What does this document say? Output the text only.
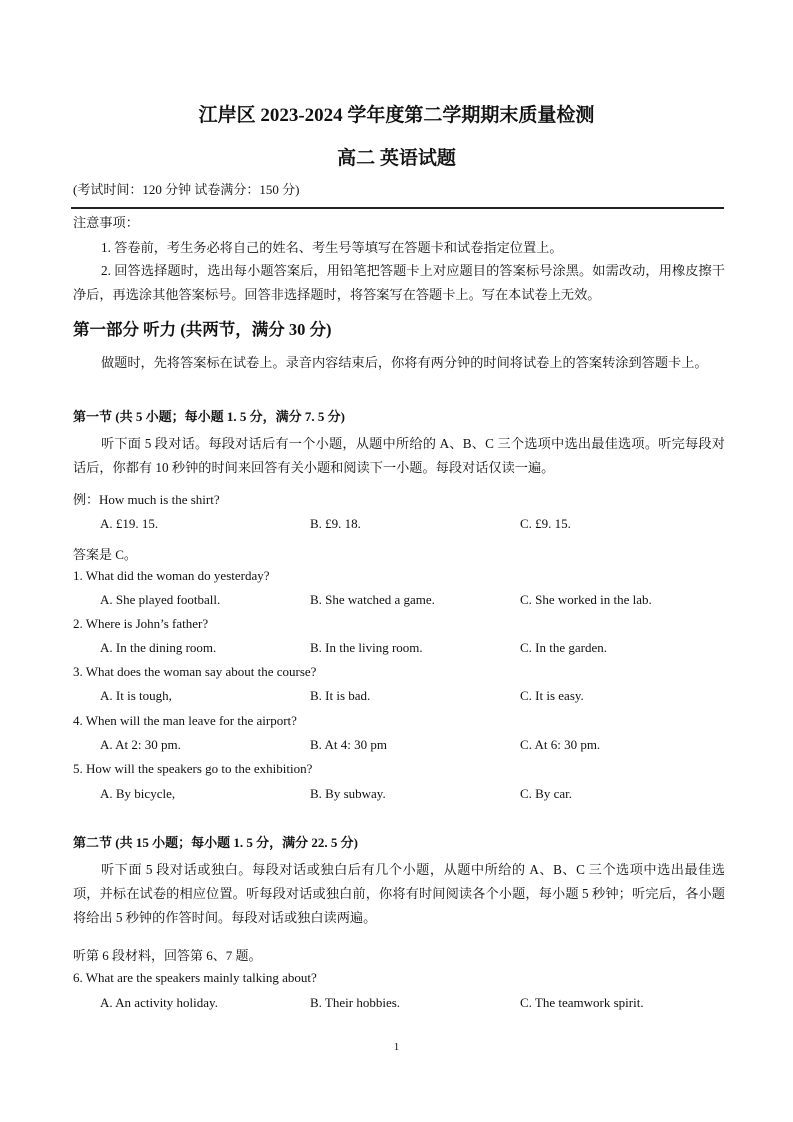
江岸区 2023-2024 学年度第二学期期末质量检测
高二 英语试题
(考试时间：120 分钟 试卷满分：150 分)
注意事项：
1. 答卷前，考生务必将自己的姓名、考生号等填写在答题卡和试卷指定位置上。
2. 回答选择题时，选出每小题答案后，用铅笔把答题卡上对应题目的答案标号涂黑。如需改动，用橡皮擦干净后，再选涂其他答案标号。回答非选择题时，将答案写在答题卡上。写在本试卷上无效。
第一部分 听力 (共两节，满分 30 分)
做题时，先将答案标在试卷上。录音内容结束后，你将有两分钟的时间将试卷上的答案转涂到答题卡上。
第一节 (共 5 小题；每小题 1. 5 分，满分 7. 5 分)
听下面 5 段对话。每段对话后有一个小题，从题中所给的 A、B、C 三个选项中选出最佳选项。听完每段对话后，你都有 10 秒钟的时间来回答有关小题和阅读下一小题。每段对话仅读一遍。
例：How much is the shirt?
A. £19. 15.	B. £9. 18.	C. £9. 15.
答案是 C。
1. What did the woman do yesterday?
A. She played football.	B. She watched a game.	C. She worked in the lab.
2. Where is John’s father?
A. In the dining room.	B. In the living room.	C. In the garden.
3. What does the woman say about the course?
A. It is tough,	B. It is bad.	C. It is easy.
4. When will the man leave for the airport?
A. At 2: 30 pm.	B. At 4: 30 pm	C. At 6: 30 pm.
5. How will the speakers go to the exhibition?
A. By bicycle,	B. By subway.	C. By car.
第二节 (共 15 小题；每小题 1. 5 分，满分 22. 5 分)
听下面 5 段对话或独白。每段对话或独白后有几个小题，从题中所给的 A、B、C 三个选项中选出最佳选项，并标在试卷的相应位置。听每段对话或独白前，你将有时间阅读各个小题，每小题 5 秒钟；听完后，各小题将给出 5 秒钟的作答时间。每段对话或独白读两遍。
听第 6 段材料，回答第 6、7 题。
6. What are the speakers mainly talking about?
A. An activity holiday.	B. Their hobbies.	C. The teamwork spirit.
1
